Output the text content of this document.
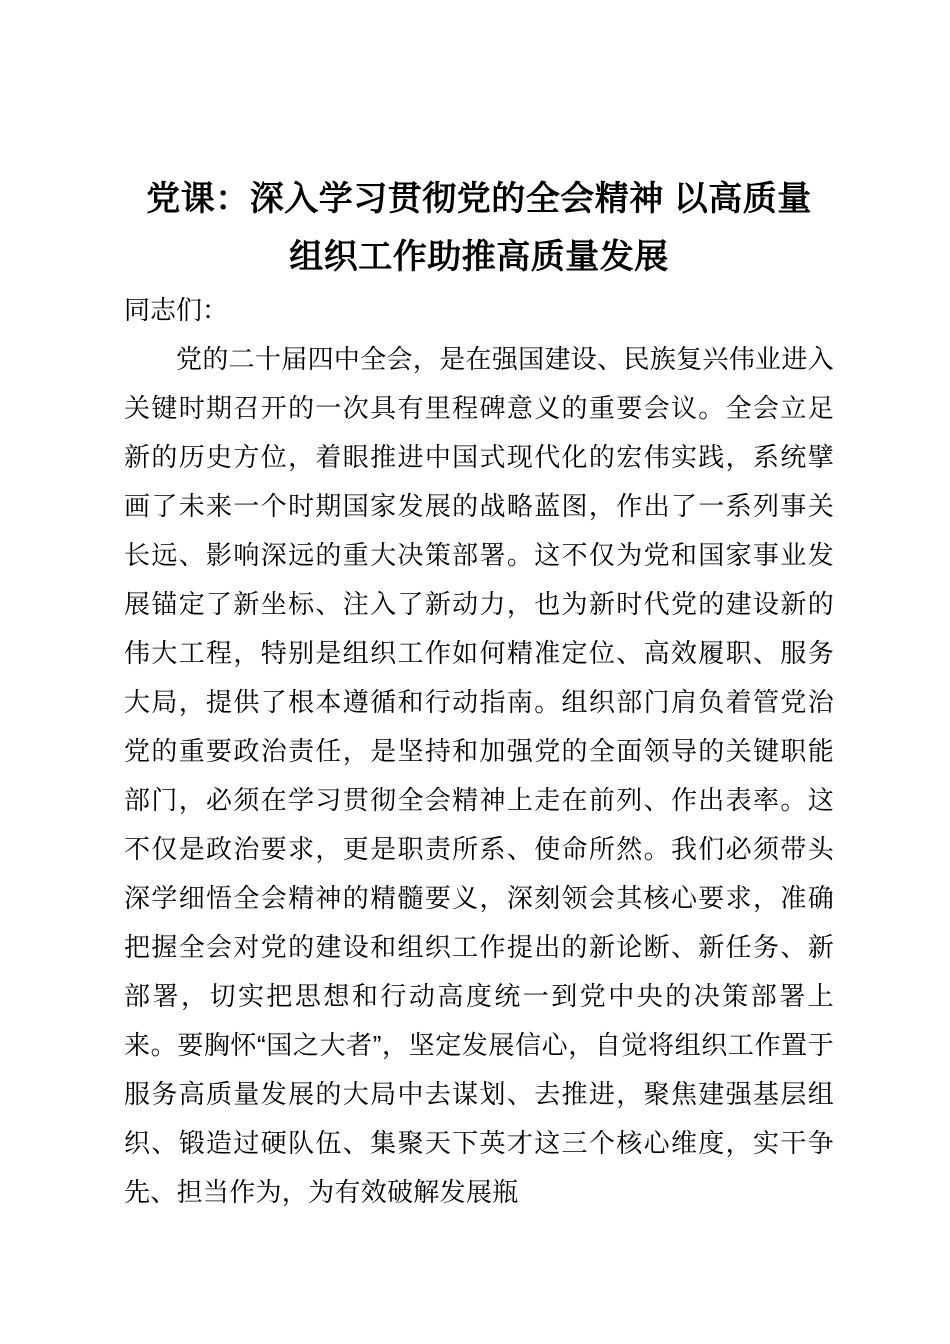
党课：深入学习贯彻党的全会精神 以高质量
组织工作助推高质量发展

同志们：

党的二十届四中全会，是在强国建设、民族复兴伟业进入关键时期召开的一次具有里程碑意义的重要会议。全会立足新的历史方位，着眼推进中国式现代化的宏伟实践，系统擘画了未来一个时期国家发展的战略蓝图，作出了一系列事关长远、影响深远的重大决策部署。这不仅为党和国家事业发展锚定了新坐标、注入了新动力，也为新时代党的建设新的伟大工程，特别是组织工作如何精准定位、高效履职、服务大局，提供了根本遵循和行动指南。组织部门肩负着管党治党的重要政治责任，是坚持和加强党的全面领导的关键职能部门，必须在学习贯彻全会精神上走在前列、作出表率。这不仅是政治要求，更是职责所系、使命所然。我们必须带头深学细悟全会精神的精髓要义，深刻领会其核心要求，准确把握全会对党的建设和组织工作提出的新论断、新任务、新部署，切实把思想和行动高度统一到党中央的决策部署上来。要胸怀“国之大者”，坚定发展信心，自觉将组织工作置于服务高质量发展的大局中去谋划、去推进，聚焦建强基层组织、锻造过硬队伍、集聚天下英才这三个核心维度，实干争先、担当作为，为有效破解发展瓶
